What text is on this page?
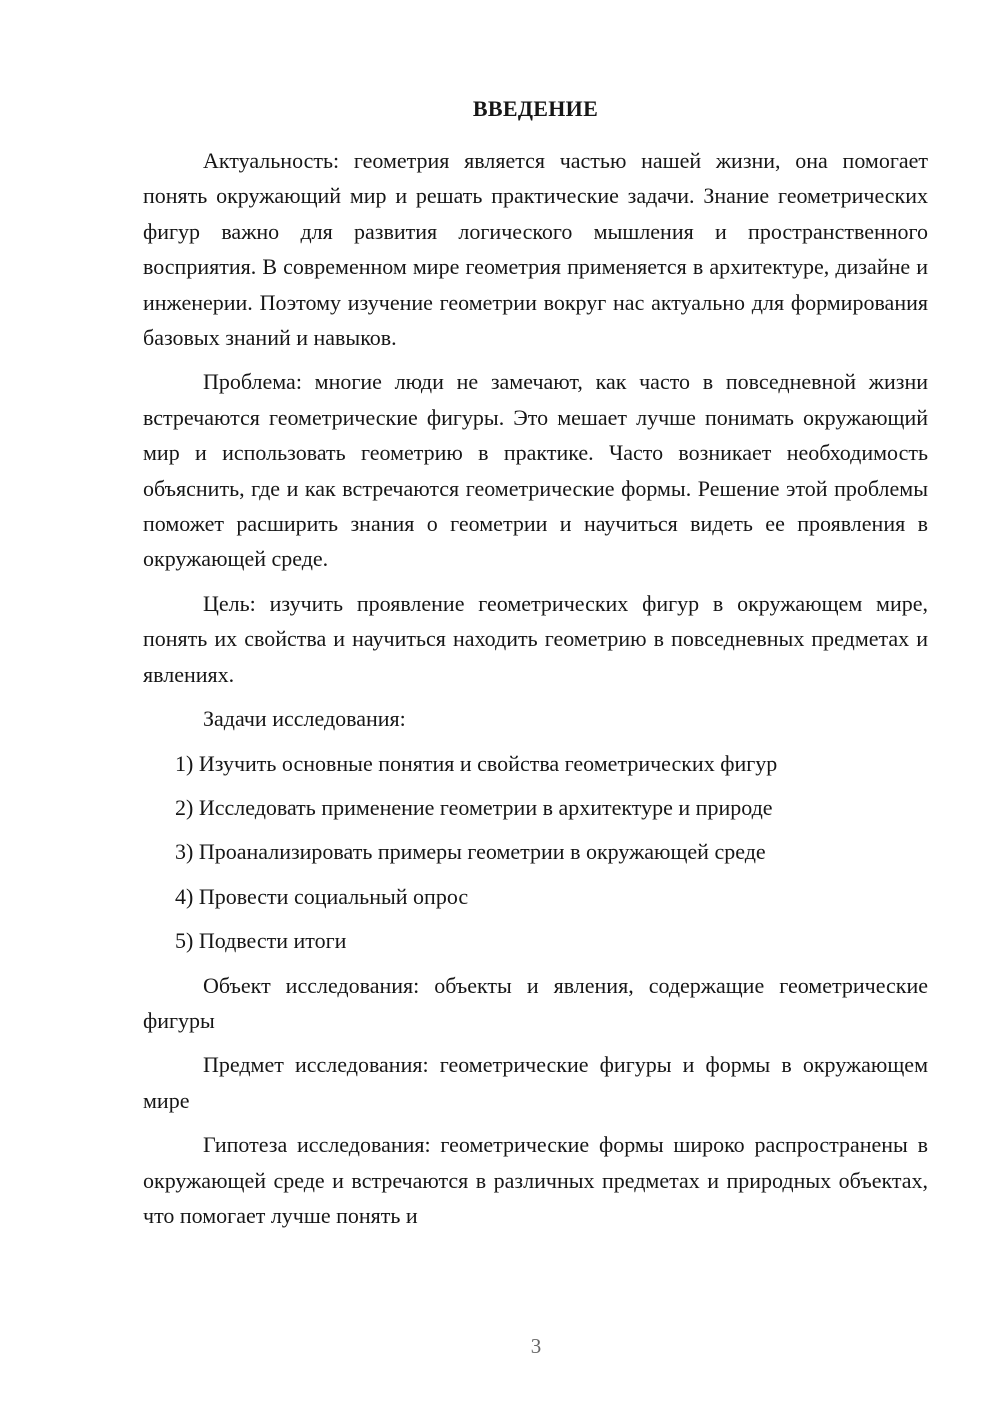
ВВЕДЕНИЕ

Актуальность: геометрия является частью нашей жизни, она помогает понять окружающий мир и решать практические задачи. Знание геометрических фигур важно для развития логического мышления и пространственного восприятия. В современном мире геометрия применяется в архитектуре, дизайне и инженерии. Поэтому изучение геометрии вокруг нас актуально для формирования базовых знаний и навыков.

Проблема: многие люди не замечают, как часто в повседневной жизни встречаются геометрические фигуры. Это мешает лучше понимать окружающий мир и использовать геометрию в практике. Часто возникает необходимость объяснить, где и как встречаются геометрические формы. Решение этой проблемы поможет расширить знания о геометрии и научиться видеть ее проявления в окружающей среде.

Цель: изучить проявление геометрических фигур в окружающем мире, понять их свойства и научиться находить геометрию в повседневных предметах и явлениях.

Задачи исследования:

1) Изучить основные понятия и свойства геометрических фигур

2) Исследовать применение геометрии в архитектуре и природе

3) Проанализировать примеры геометрии в окружающей среде

4) Провести социальный опрос

5) Подвести итоги

Объект исследования: объекты и явления, содержащие геометрические фигуры

Предмет исследования: геометрические фигуры и формы в окружающем мире

Гипотеза исследования: геометрические формы широко распространены в окружающей среде и встречаются в различных предметах и природных объектах, что помогает лучше понять и

3
